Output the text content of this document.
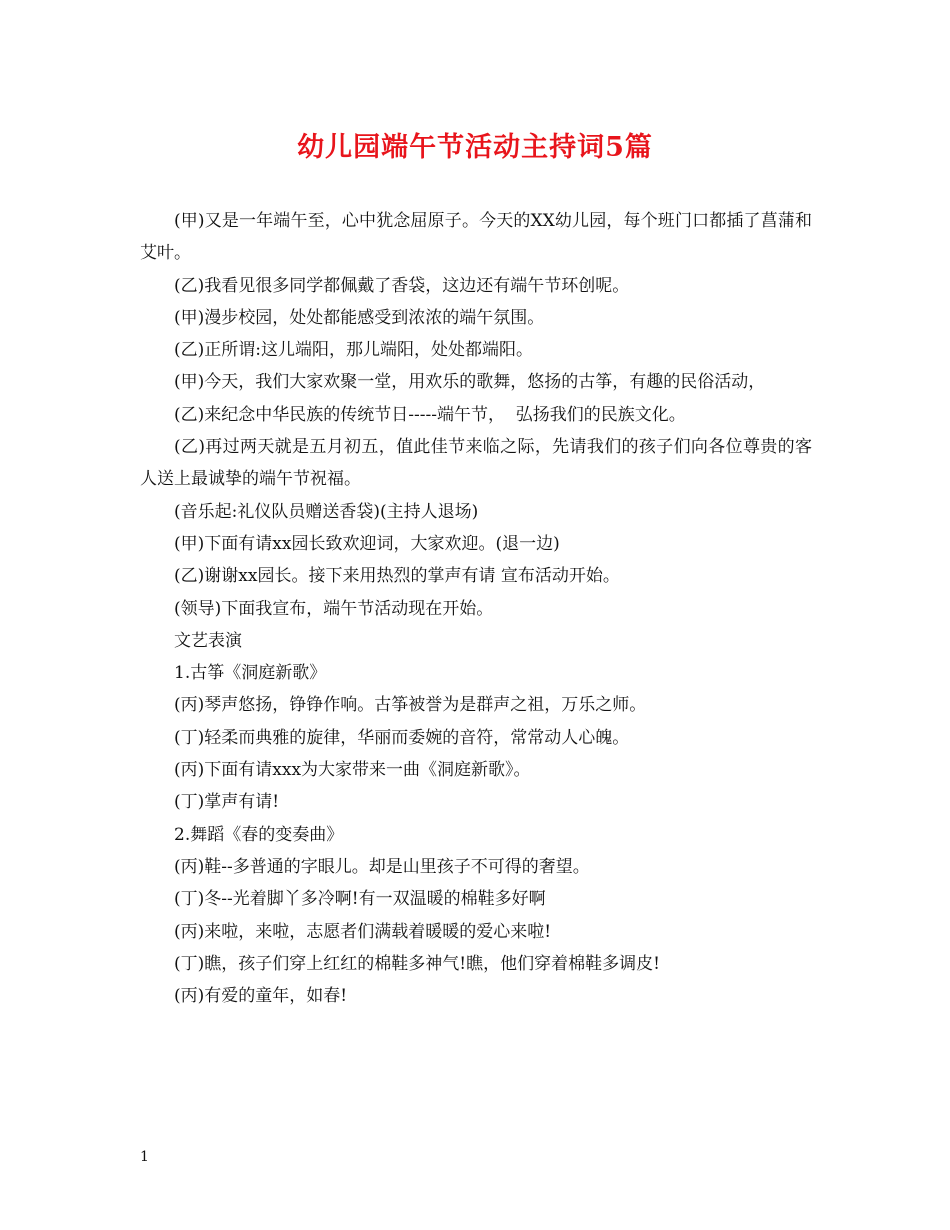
幼儿园端午节活动主持词5篇

(甲)又是一年端午至，心中犹念屈原子。今天的XX幼儿园，每个班门口都插了菖蒲和艾叶。

(乙)我看见很多同学都佩戴了香袋，这边还有端午节环创呢。

(甲)漫步校园，处处都能感受到浓浓的端午氛围。

(乙)正所谓:这儿端阳，那儿端阳，处处都端阳。

(甲)今天，我们大家欢聚一堂，用欢乐的歌舞，悠扬的古筝，有趣的民俗活动，

(乙)来纪念中华民族的传统节日-----端午节，  弘扬我们的民族文化。

(乙)再过两天就是五月初五，值此佳节来临之际，先请我们的孩子们向各位尊贵的客人送上最诚挚的端午节祝福。

(音乐起:礼仪队员赠送香袋)(主持人退场)

(甲)下面有请xx园长致欢迎词，大家欢迎。(退一边)

(乙)谢谢xx园长。接下来用热烈的掌声有请 宣布活动开始。

(领导)下面我宣布，端午节活动现在开始。

文艺表演

1.古筝《洞庭新歌》

(丙)琴声悠扬，铮铮作响。古筝被誉为是群声之祖，万乐之师。

(丁)轻柔而典雅的旋律，华丽而委婉的音符，常常动人心魄。

(丙)下面有请xxx为大家带来一曲《洞庭新歌》。

(丁)掌声有请!

2.舞蹈《春的变奏曲》

(丙)鞋--多普通的字眼儿。却是山里孩子不可得的奢望。

(丁)冬--光着脚丫多冷啊!有一双温暖的棉鞋多好啊

(丙)来啦，来啦，志愿者们满载着暖暖的爱心来啦!

(丁)瞧，孩子们穿上红红的棉鞋多神气!瞧，他们穿着棉鞋多调皮!

(丙)有爱的童年，如春!

1
